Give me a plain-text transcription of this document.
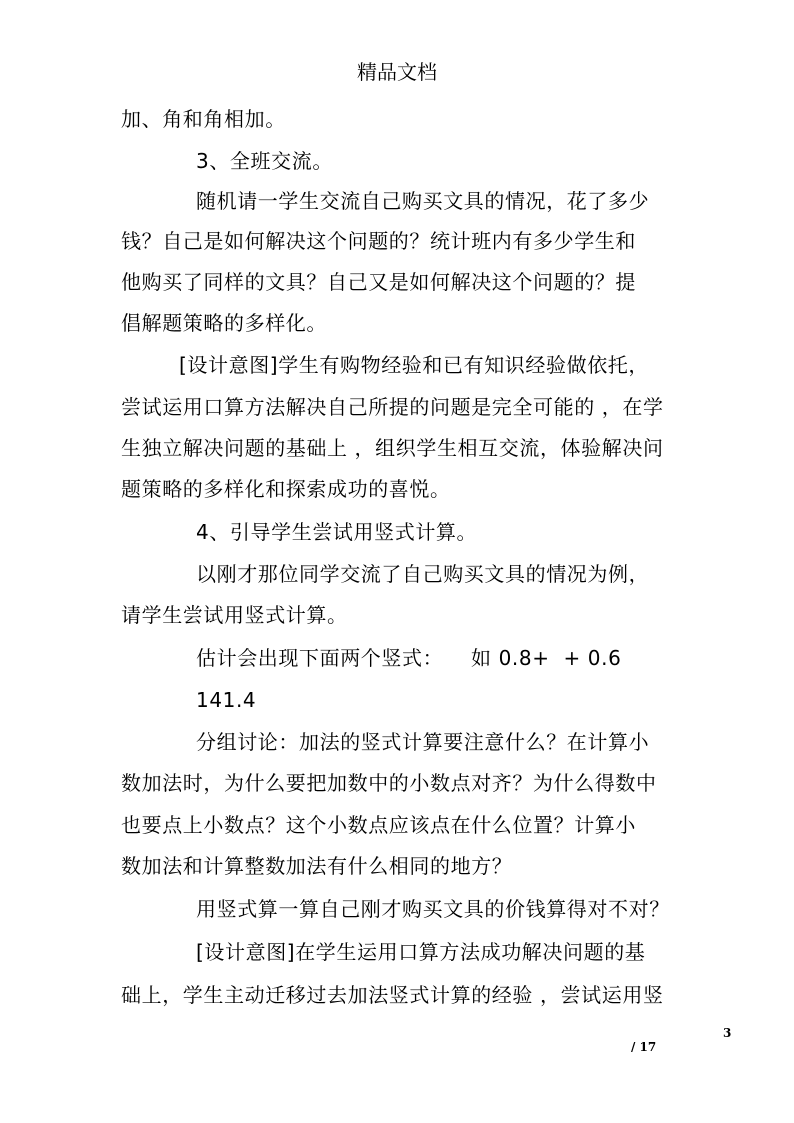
精品文档
加、角和角相加。
3、全班交流。
随机请一学生交流自己购买文具的情况，花了多少
钱？自己是如何解决这个问题的？统计班内有多少学生和
他购买了同样的文具？自己又是如何解决这个问题的？提
倡解题策略的多样化。
[设计意图]学生有购物经验和已有知识经验做依托，
尝试运用口算方法解决自己所提的问题是完全可能的 ，在学
生独立解决问题的基础上 ，组织学生相互交流，体验解决问
题策略的多样化和探索成功的喜悦。
4、引导学生尝试用竖式计算。
以刚才那位同学交流了自己购买文具的情况为例，
请学生尝试用竖式计算。
估计会出现下面两个竖式：    如 0.8+  + 0.6
141.4
分组讨论：加法的竖式计算要注意什么？在计算小
数加法时，为什么要把加数中的小数点对齐？为什么得数中
也要点上小数点？这个小数点应该点在什么位置？计算小
数加法和计算整数加法有什么相同的地方？
用竖式算一算自己刚才购买文具的价钱算得对不对？
[设计意图]在学生运用口算方法成功解决问题的基
础上，学生主动迁移过去加法竖式计算的经验 ，尝试运用竖
3
/ 17
